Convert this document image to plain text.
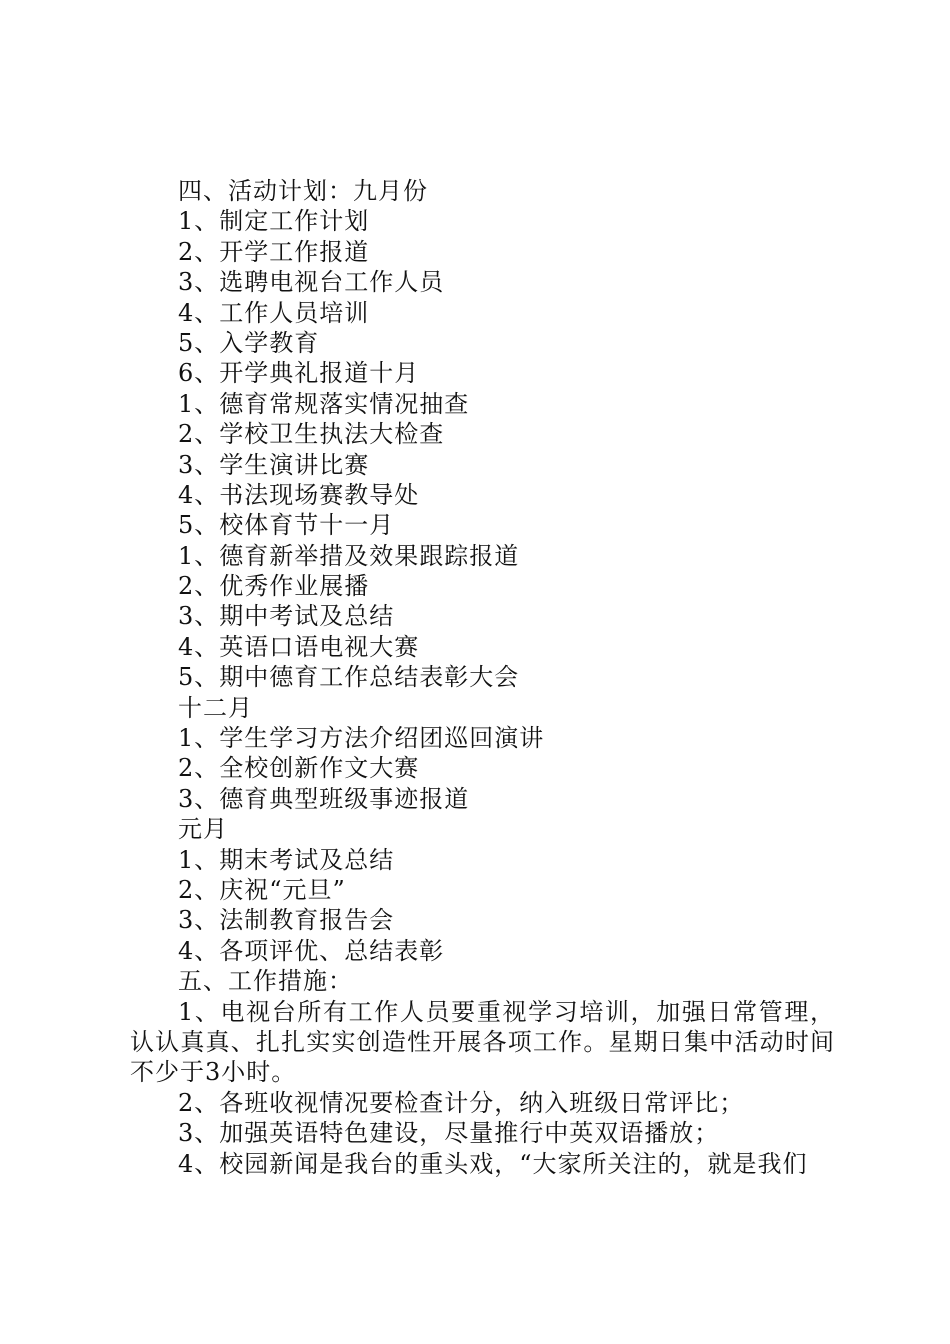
四、活动计划：九月份
1、制定工作计划
2、开学工作报道
3、选聘电视台工作人员
4、工作人员培训
5、入学教育
6、开学典礼报道十月
1、德育常规落实情况抽查
2、学校卫生执法大检查
3、学生演讲比赛
4、书法现场赛教导处
5、校体育节十一月
1、德育新举措及效果跟踪报道
2、优秀作业展播
3、期中考试及总结
4、英语口语电视大赛
5、期中德育工作总结表彰大会
十二月
1、学生学习方法介绍团巡回演讲
2、全校创新作文大赛
3、德育典型班级事迹报道
元月
1、期末考试及总结
2、庆祝“元旦”
3、法制教育报告会
4、各项评优、总结表彰
五、工作措施：
1、电视台所有工作人员要重视学习培训，加强日常管理，认认真真、扎扎实实创造性开展各项工作。星期日集中活动时间不少于3小时。
2、各班收视情况要检查计分，纳入班级日常评比；
3、加强英语特色建设，尽量推行中英双语播放；
4、校园新闻是我台的重头戏，“大家所关注的，就是我们
